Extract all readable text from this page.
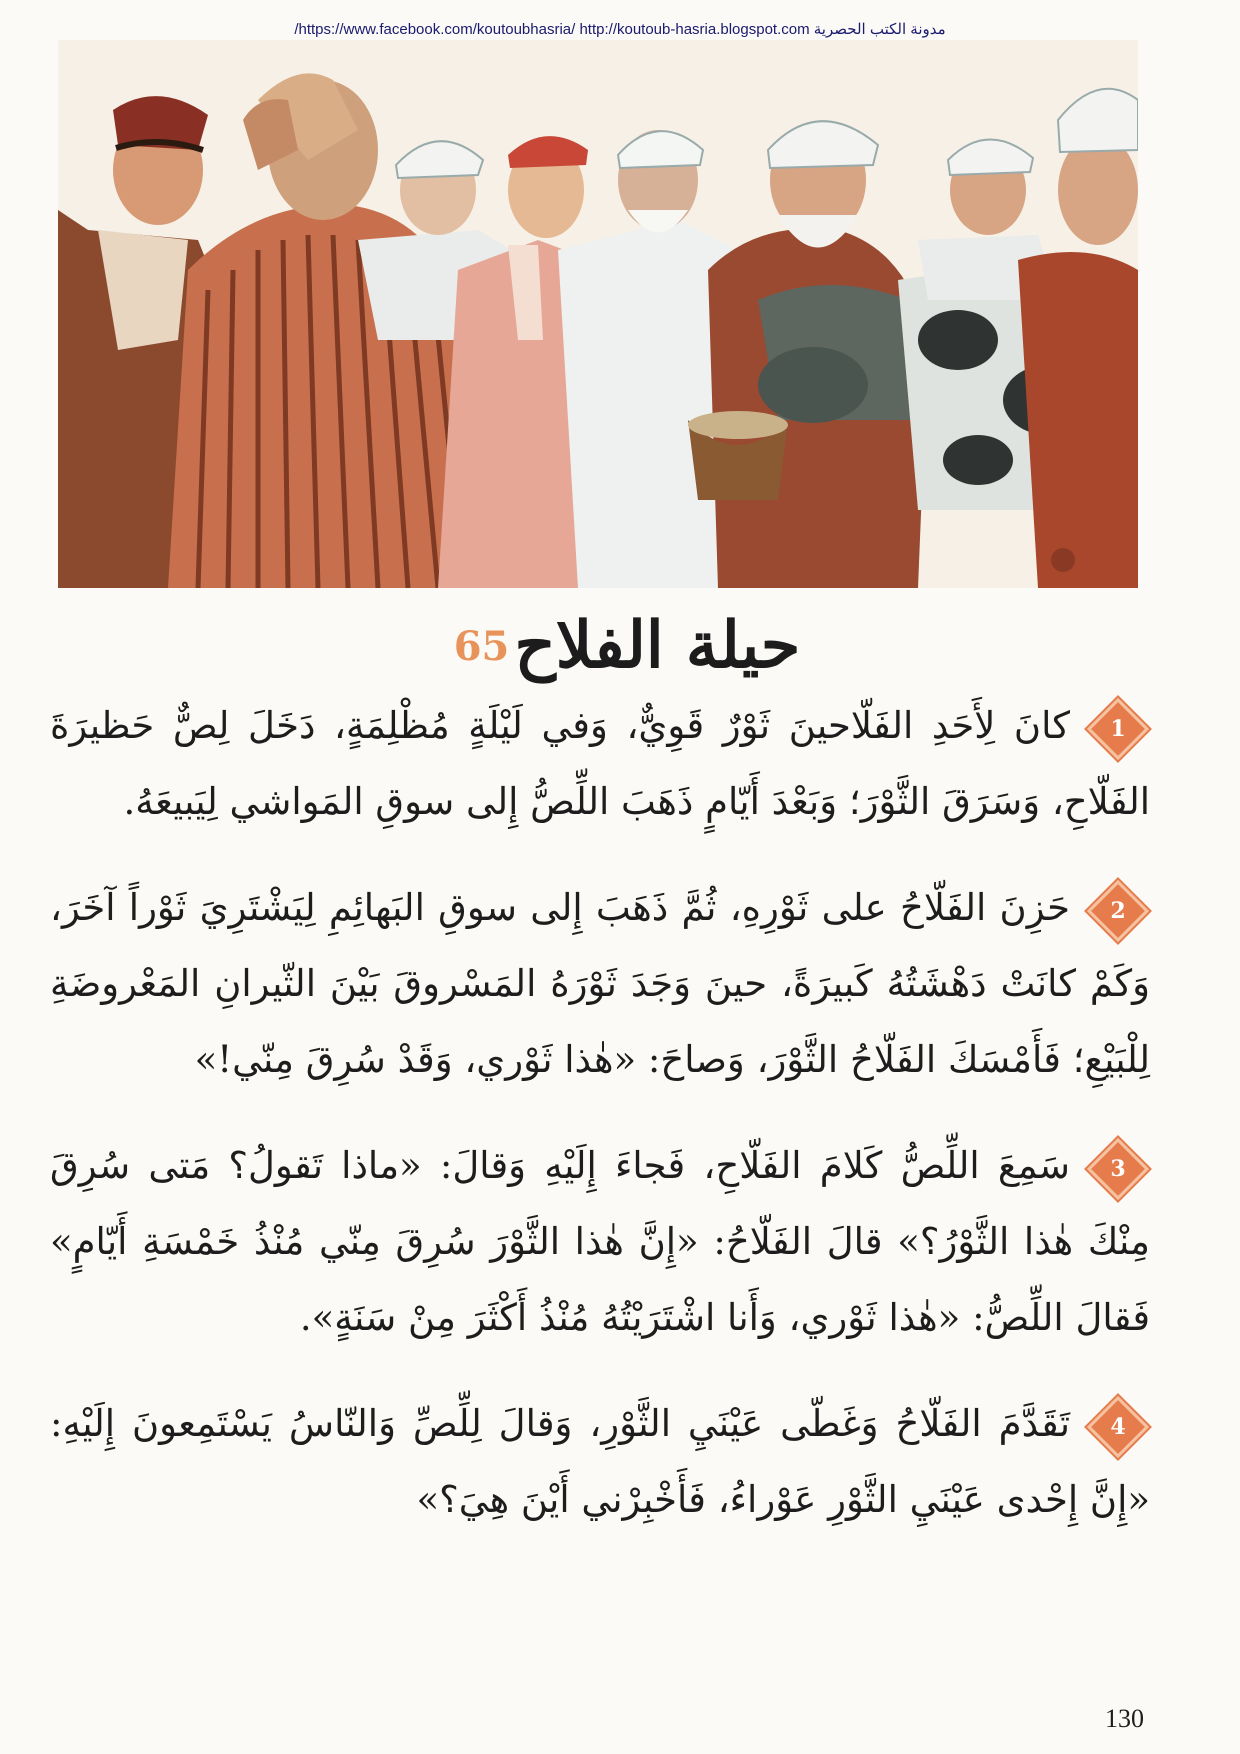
/https://www.facebook.com/koutoubhasria/ http://koutoub-hasria.blogspot.com مدونة الكتب الحصرية
حيلة الفلاح 65

1
كانَ لِأَحَدِ الفَلّاحينَ ثَوْرٌ قَوِيٌّ، وَفي لَيْلَةٍ مُظْلِمَةٍ، دَخَلَ لِصٌّ حَظيرَةَ الفَلّاحِ، وَسَرَقَ الثَّوْرَ؛ وَبَعْدَ أَيّامٍ ذَهَبَ اللِّصُّ إِلى سوقِ المَواشي لِيَبيعَهُ.

2
حَزِنَ الفَلّاحُ على ثَوْرِهِ، ثُمَّ ذَهَبَ إِلى سوقِ البَهائِمِ لِيَشْتَرِيَ ثَوْراً آخَرَ، وَكَمْ كانَتْ دَهْشَتُهُ كَبيرَةً، حينَ وَجَدَ ثَوْرَهُ المَسْروقَ بَيْنَ الثّيرانِ المَعْروضَةِ لِلْبَيْعِ؛ فَأَمْسَكَ الفَلّاحُ الثَّوْرَ، وَصاحَ: «هٰذا ثَوْري، وَقَدْ سُرِقَ مِنّي!»

3
سَمِعَ اللِّصُّ كَلامَ الفَلّاحِ، فَجاءَ إِلَيْهِ وَقالَ: «ماذا تَقولُ؟ مَتى سُرِقَ مِنْكَ هٰذا الثَّوْرُ؟» قالَ الفَلّاحُ: «إِنَّ هٰذا الثَّوْرَ سُرِقَ مِنّي مُنْذُ خَمْسَةِ أَيّامٍ» فَقالَ اللِّصُّ: «هٰذا ثَوْري، وَأَنا اشْتَرَيْتُهُ مُنْذُ أَكْثَرَ مِنْ سَنَةٍ».

4
تَقَدَّمَ الفَلّاحُ وَغَطّى عَيْنَيِ الثَّوْرِ، وَقالَ لِلِّصِّ وَالنّاسُ يَسْتَمِعونَ إِلَيْهِ: «إِنَّ إِحْدى عَيْنَيِ الثَّوْرِ عَوْراءُ، فَأَخْبِرْني أَيْنَ هِيَ؟»

130
